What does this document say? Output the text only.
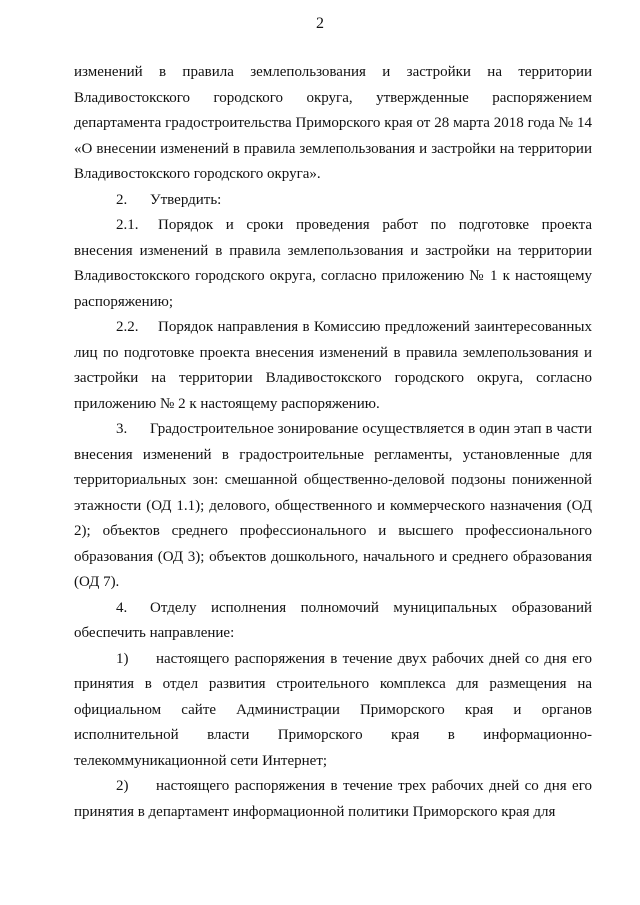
2

изменений в правила землепользования и застройки на территории Владивостокского городского округа, утвержденные распоряжением департамента градостроительства Приморского края от 28 марта 2018 года № 14 «О внесении изменений в правила землепользования и застройки на территории Владивостокского городского округа».

2. Утвердить:

2.1. Порядок и сроки проведения работ по подготовке проекта внесения изменений в правила землепользования и застройки на территории Владивостокского городского округа, согласно приложению № 1 к настоящему распоряжению;

2.2. Порядок направления в Комиссию предложений заинтересованных лиц по подготовке проекта внесения изменений в правила землепользования и застройки на территории Владивостокского городского округа, согласно приложению № 2 к настоящему распоряжению.

3. Градостроительное зонирование осуществляется в один этап в части внесения изменений в градостроительные регламенты, установленные для территориальных зон: смешанной общественно-деловой подзоны пониженной этажности (ОД 1.1); делового, общественного и коммерческого назначения (ОД 2); объектов среднего профессионального и высшего профессионального образования (ОД 3); объектов дошкольного, начального и среднего образования (ОД 7).

4. Отделу исполнения полномочий муниципальных образований обеспечить направление:

1) настоящего распоряжения в течение двух рабочих дней со дня его принятия в отдел развития строительного комплекса для размещения на официальном сайте Администрации Приморского края и органов исполнительной власти Приморского края в информационно-телекоммуникационной сети Интернет;

2) настоящего распоряжения в течение трех рабочих дней со дня его принятия в департамент информационной политики Приморского края для
